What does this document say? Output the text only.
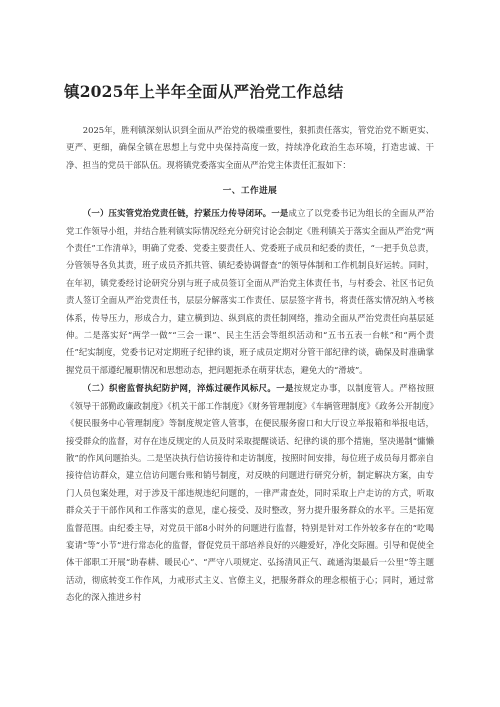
镇2025年上半年全面从严治党工作总结

2025年，胜利镇深刻认识到全面从严治党的极端重要性，狠抓责任落实，管党治党不断更实、更严、更细，确保全镇在思想上与党中央保持高度一致，持续净化政治生态环境，打造忠诚、干净、担当的党员干部队伍。现将镇党委落实全面从严治党主体责任汇报如下：

一、工作进展

（一）压实管党治党责任链，拧紧压力传导闭环。一是成立了以党委书记为组长的全面从严治党工作领导小组，并结合胜利镇实际情况经充分研究讨论会制定《胜利镇关于落实全面从严治党“两个责任”工作清单》，明确了党委、党委主要责任人、党委班子成员和纪委的责任，“一把手负总责，分管领导各负其责，班子成员齐抓共管、镇纪委协调督查”的领导体制和工作机制良好运转。同时，在年初，镇党委经讨论研究分别与班子成员签订全面从严治党主体责任书，与村委会、社区书记负责人签订全面从严治党责任书，层层分解落实工作责任、层层签字背书，将责任落实情况纳入考核体系，传导压力，形成合力，建立横到边、纵到底的责任制网络，推动全面从严治党责任向基层延伸。二是落实好“两学一做”“三会一课”、民主生活会等组织活动和“五书五表一台帐”和“两个责任”纪实制度，党委书记对定期班子纪律约谈，班子成员定期对分管干部纪律约谈，确保及时准确掌握党员干部遵纪履职情况和思想动态，把问题扼杀在萌芽状态，避免大的“滑坡”。

（二）织密监督执纪防护网，淬炼过硬作风标尺。一是按规定办事，以制度管人。严格按照《领导干部勤政廉政制度》《机关干部工作制度》《财务管理制度》《车辆管理制度》《政务公开制度》《便民服务中心管理制度》等制度规定管人管事，在便民服务窗口和大厅设立举报箱和举报电话，接受群众的监督，对存在违反规定的人员及时采取提醒谈话、纪律约谈的那个措施，坚决遏制“慵懒散”的作风问题抬头。二是坚决执行信访接待和走访制度，按照时间安排，每位班子成员每月都亲自接待信访群众，建立信访问题台账和销号制度，对反映的问题进行研究分析，制定解决方案，由专门人员包案处理，对于涉及干部违规违纪问题的，一律严肃查处，同时采取上户走访的方式，听取群众关于干部作风和工作落实的意见，虚心接受、及时整改，努力提升服务群众的水平。三是拓宽监督范围。由纪委主导，对党员干部8小时外的问题进行监督，特别是针对工作外较多存在的“吃喝宴请”等“小节”进行常态化的监督，督促党员干部培养良好的兴趣爱好，净化交际圈。引导和促使全体干部职工开展“助春耕、暖民心”、“严守八项规定、弘扬清风正气、疏通沟渠最后一公里”等主题活动，彻底转变工作作风，力戒形式主义、官僚主义，把服务群众的理念根植于心；同时，通过常态化的深入推进乡村
